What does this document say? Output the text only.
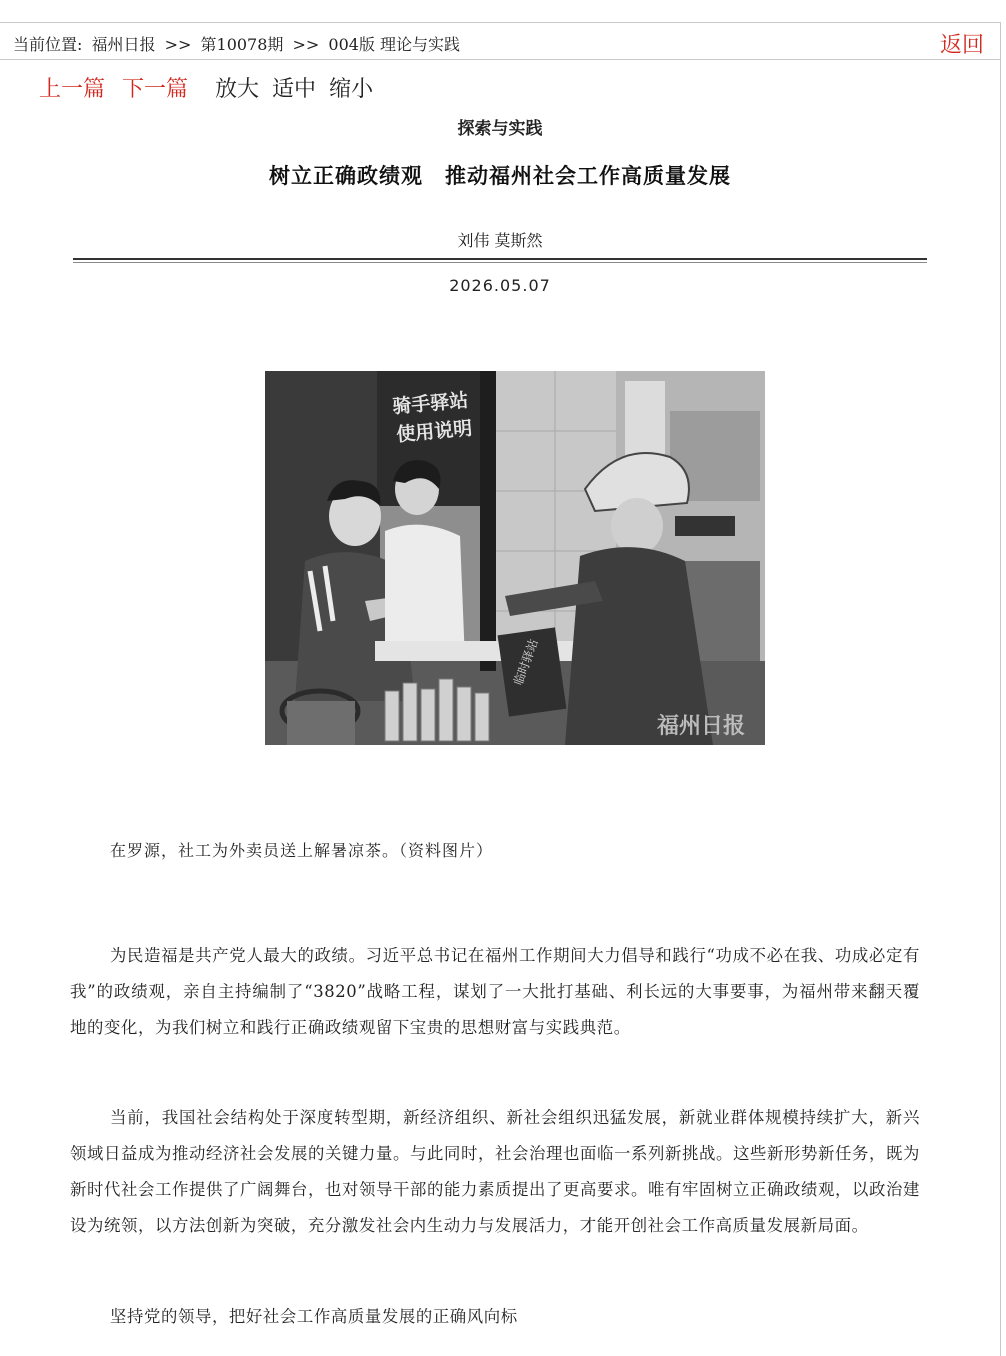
当前位置: 福州日报 >> 第10078期 >> 004版 理论与实践	返回
上一篇 下一篇 放大 适中 缩小
探索与实践
树立正确政绩观　推动福州社会工作高质量发展
刘伟 莫斯然
2026.05.07
骑手驿站
使用说明
临时驿站
福州日报
在罗源，社工为外卖员送上解暑凉茶。（资料图片）

为民造福是共产党人最大的政绩。习近平总书记在福州工作期间大力倡导和践行“功成不必在我、功成必定有我”的政绩观，亲自主持编制了“3820”战略工程，谋划了一大批打基础、利长远的大事要事，为福州带来翻天覆地的变化，为我们树立和践行正确政绩观留下宝贵的思想财富与实践典范。

当前，我国社会结构处于深度转型期，新经济组织、新社会组织迅猛发展，新就业群体规模持续扩大，新兴领域日益成为推动经济社会发展的关键力量。与此同时，社会治理也面临一系列新挑战。这些新形势新任务，既为新时代社会工作提供了广阔舞台，也对领导干部的能力素质提出了更高要求。唯有牢固树立正确政绩观，以政治建设为统领，以方法创新为突破，充分激发社会内生动力与发展活力，才能开创社会工作高质量发展新局面。

坚持党的领导，把好社会工作高质量发展的正确风向标
